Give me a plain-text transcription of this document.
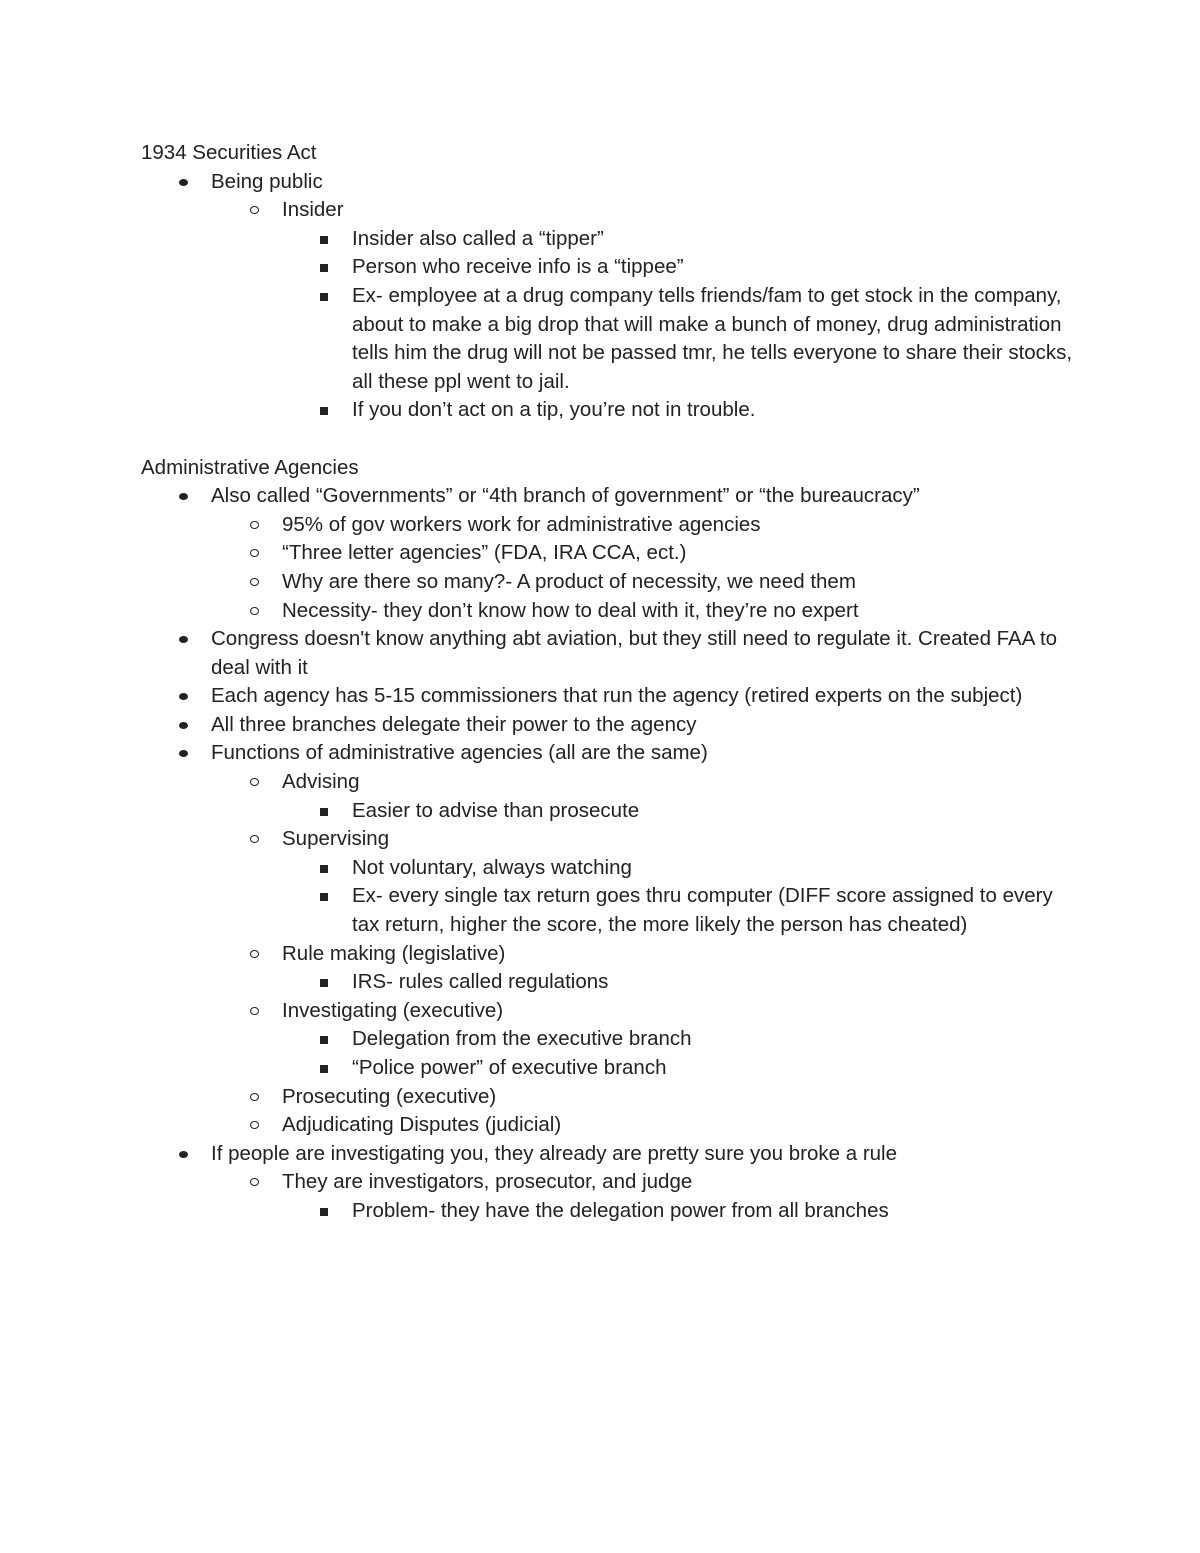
1934 Securities Act

Being public
Insider
Insider also called a “tipper”
Person who receive info is a “tippee”
Ex- employee at a drug company tells friends/fam to get stock in the company, about to make a big drop that will make a bunch of money, drug administration tells him the drug will not be passed tmr, he tells everyone to share their stocks, all these ppl went to jail.
If you don’t act on a tip, you’re not in trouble.

Administrative Agencies

Also called “Governments” or “4th branch of government” or “the bureaucracy”
95% of gov workers work for administrative agencies
“Three letter agencies” (FDA, IRA CCA, ect.)
Why are there so many?- A product of necessity, we need them
Necessity- they don’t know how to deal with it, they’re no expert
Congress doesn't know anything abt aviation, but they still need to regulate it. Created FAA to deal with it
Each agency has 5-15 commissioners that run the agency (retired experts on the subject)
All three branches delegate their power to the agency
Functions of administrative agencies (all are the same)
Advising
Easier to advise than prosecute
Supervising
Not voluntary, always watching
Ex- every single tax return goes thru computer (DIFF score assigned to every tax return, higher the score, the more likely the person has cheated)
Rule making (legislative)
IRS- rules called regulations
Investigating (executive)
Delegation from the executive branch
“Police power” of executive branch
Prosecuting (executive)
Adjudicating Disputes (judicial)
If people are investigating you, they already are pretty sure you broke a rule
They are investigators, prosecutor, and judge
Problem- they have the delegation power from all branches
